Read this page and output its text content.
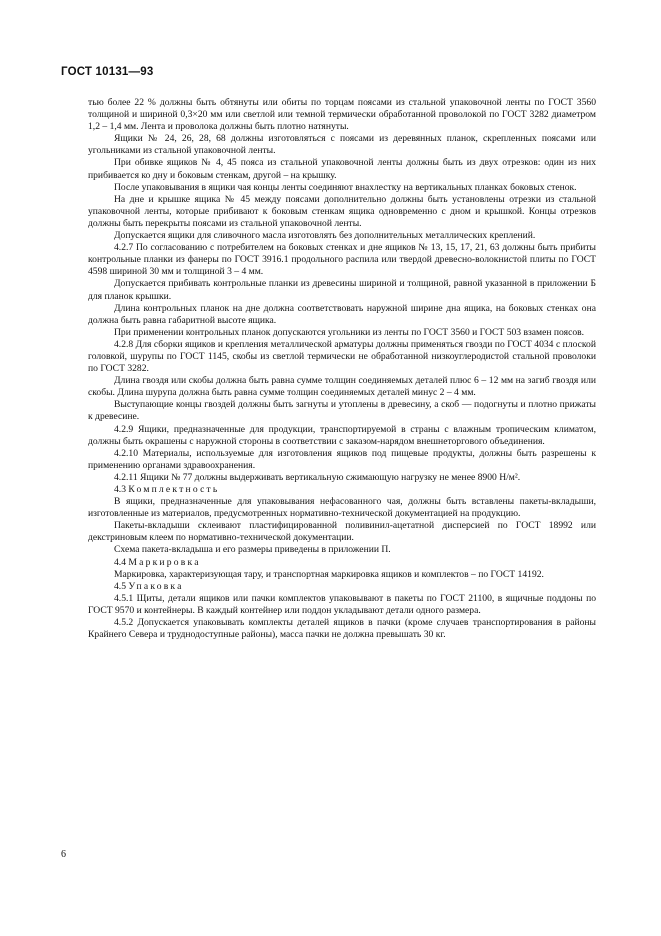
ГОСТ 10131—93

тью более 22 % должны быть обтянуты или обиты по торцам поясами из стальной упаковочной ленты по ГОСТ 3560 толщиной и шириной 0,3×20 мм или светлой или темной термически обработанной проволокой по ГОСТ 3282 диаметром 1,2 – 1,4 мм. Лента и проволока должны быть плотно натянуты.

Ящики № 24, 26, 28, 68 должны изготовляться с поясами из деревянных планок, скрепленных поясами или угольниками из стальной упаковочной ленты.

При обивке ящиков № 4, 45 пояса из стальной упаковочной ленты должны быть из двух отрезков: один из них прибивается ко дну и боковым стенкам, другой – на крышку.

После упаковывания в ящики чая концы ленты соединяют внахлестку на вертикальных планках боковых стенок.

На дне и крышке ящика № 45 между поясами дополнительно должны быть установлены отрезки из стальной упаковочной ленты, которые прибивают к боковым стенкам ящика одновременно с дном и крышкой. Концы отрезков должны быть перекрыты поясами из стальной упаковочной ленты.

Допускается ящики для сливочного масла изготовлять без дополнительных металлических креплений.

4.2.7 По согласованию с потребителем на боковых стенках и дне ящиков № 13, 15, 17, 21, 63 должны быть прибиты контрольные планки из фанеры по ГОСТ 3916.1 продольного распила или твердой древесно-волокнистой плиты по ГОСТ 4598 шириной 30 мм и толщиной 3 – 4 мм.

Допускается прибивать контрольные планки из древесины шириной и толщиной, равной указанной в приложении Б для планок крышки.

Длина контрольных планок на дне должна соответствовать наружной ширине дна ящика, на боковых стенках она должна быть равна габаритной высоте ящика.

При применении контрольных планок допускаются угольники из ленты по ГОСТ 3560 и ГОСТ 503 взамен поясов.

4.2.8 Для сборки ящиков и крепления металлической арматуры должны применяться гвозди по ГОСТ 4034 с плоской головкой, шурупы по ГОСТ 1145, скобы из светлой термически не обработанной низкоуглеродистой стальной проволоки по ГОСТ 3282.

Длина гвоздя или скобы должна быть равна сумме толщин соединяемых деталей плюс 6 – 12 мм на загиб гвоздя или скобы. Длина шурупа должна быть равна сумме толщин соединяемых деталей минус 2 – 4 мм.

Выступающие концы гвоздей должны быть загнуты и утоплены в древесину, а скоб — подогнуты и плотно прижаты к древесине.

4.2.9 Ящики, предназначенные для продукции, транспортируемой в страны с влажным тропическим климатом, должны быть окрашены с наружной стороны в соответствии с заказом-нарядом внешнеторгового объединения.

4.2.10 Материалы, используемые для изготовления ящиков под пищевые продукты, должны быть разрешены к применению органами здравоохранения.

4.2.11 Ящики № 77 должны выдерживать вертикальную сжимающую нагрузку не менее 8900 Н/м².

4.3 Комплектность

В ящики, предназначенные для упаковывания нефасованного чая, должны быть вставлены пакеты-вкладыши, изготовленные из материалов, предусмотренных нормативно-технической документацией на продукцию.

Пакеты-вкладыши склеивают пластифицированной поливинил-ацетатной дисперсией по ГОСТ 18992 или декстриновым клеем по нормативно-технической документации.

Схема пакета-вкладыша и его размеры приведены в приложении П.

4.4 Маркировка

Маркировка, характеризующая тару, и транспортная маркировка ящиков и комплектов – по ГОСТ 14192.

4.5 Упаковка

4.5.1 Щиты, детали ящиков или пачки комплектов упаковывают в пакеты по ГОСТ 21100, в ящичные поддоны по ГОСТ 9570 и контейнеры. В каждый контейнер или поддон укладывают детали одного размера.

4.5.2 Допускается упаковывать комплекты деталей ящиков в пачки (кроме случаев транспортирования в районы Крайнего Севера и труднодоступные районы), масса пачки не должна превышать 30 кг.

6
